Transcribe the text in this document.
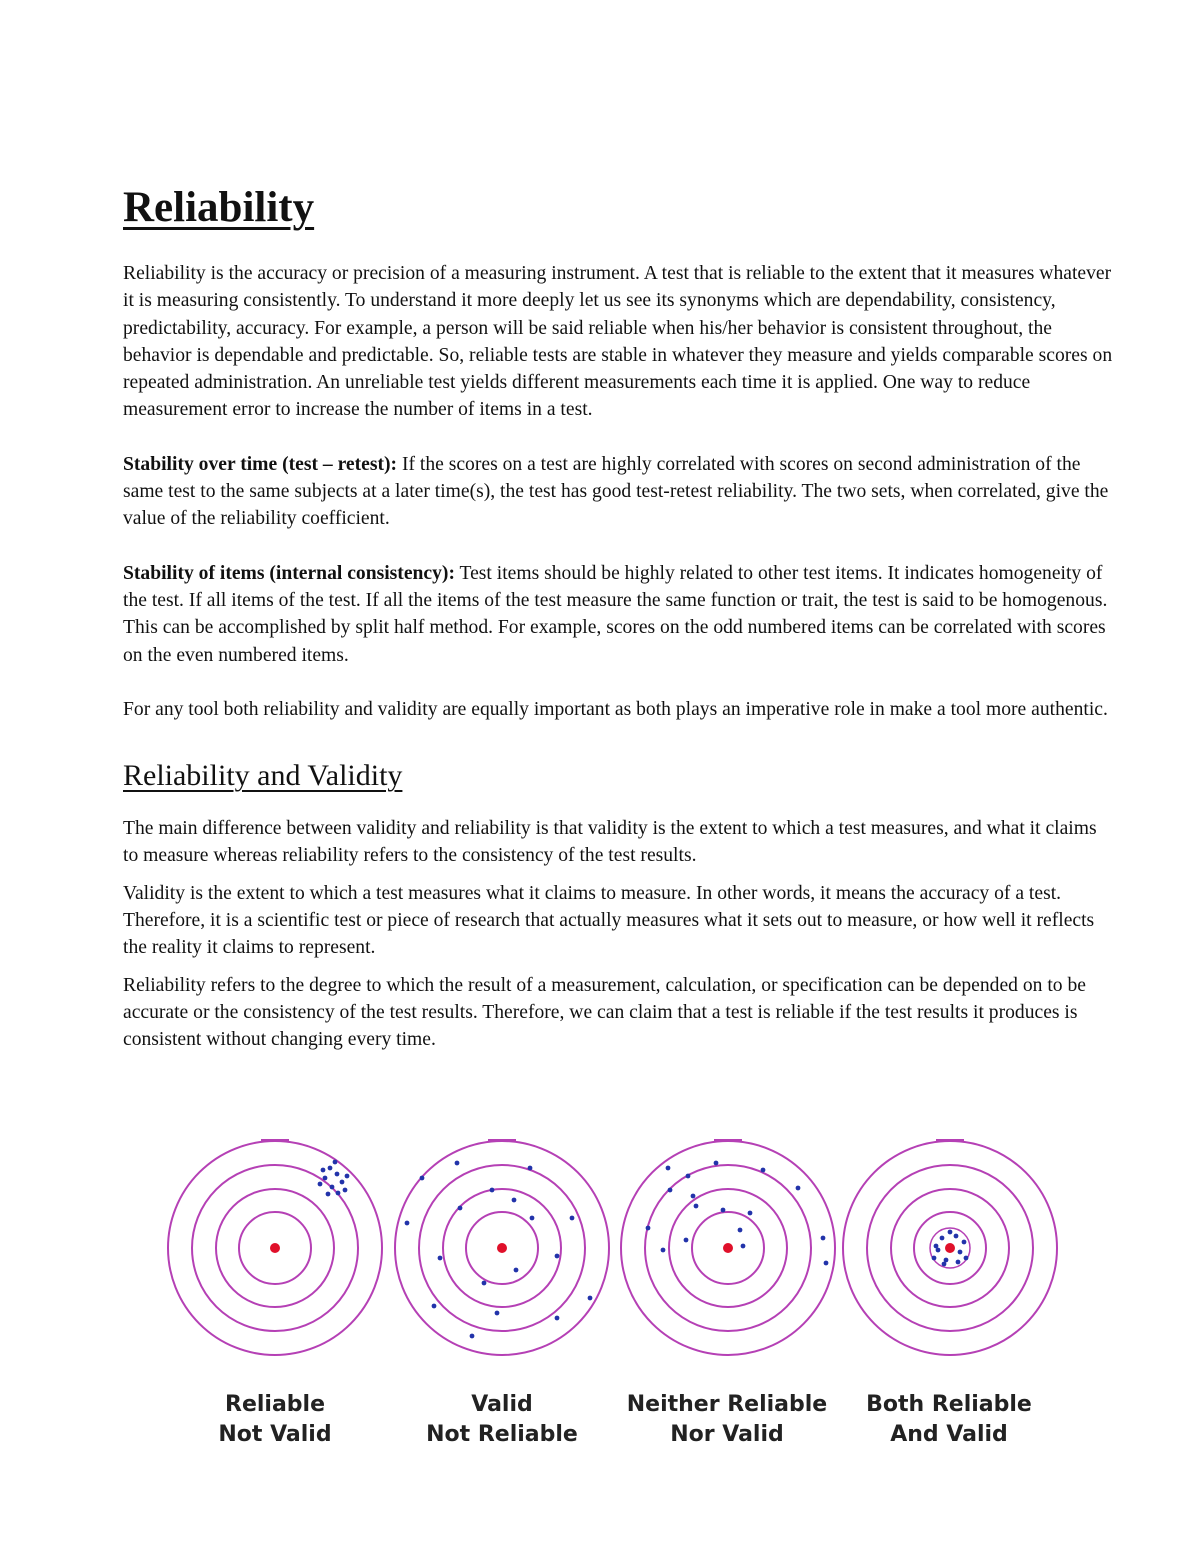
Reliability

Reliability is the accuracy or precision of a measuring instrument. A test that is reliable to the extent that it measures whatever it is measuring consistently. To understand it more deeply let us see its synonyms which are dependability, consistency, predictability, accuracy. For example, a person will be said reliable when his/her behavior is consistent throughout, the behavior is dependable and predictable. So, reliable tests are stable in whatever they measure and yields comparable scores on repeated administration. An unreliable test yields different measurements each time it is applied. One way to reduce measurement error to increase the number of items in a test.

Stability over time (test – retest): If the scores on a test are highly correlated with scores on second administration of the same test to the same subjects at a later time(s), the test has good test-retest reliability. The two sets, when correlated, give the value of the reliability coefficient.

Stability of items (internal consistency): Test items should be highly related to other test items. It indicates homogeneity of the test. If all items of the test. If all the items of the test measure the same function or trait, the test is said to be homogenous. This can be accomplished by split half method. For example, scores on the odd numbered items can be correlated with scores on the even numbered items.

For any tool both reliability and validity are equally important as both plays an imperative role in make a tool more authentic.

Reliability and Validity

The main difference between validity and reliability is that validity is the extent to which a test measures, and what it claims to measure whereas reliability refers to the consistency of the test results.

Validity is the extent to which a test measures what it claims to measure. In other words, it means the accuracy of a test. Therefore, it is a scientific test or piece of research that actually measures what it sets out to measure, or how well it reflects the reality it claims to represent.

Reliability refers to the degree to which the result of a measurement, calculation, or specification can be depended on to be accurate or the consistency of the test results. Therefore, we can claim that a test is reliable if the test results it produces is consistent without changing every time.

Reliable
Not Valid
Valid
Not Reliable
Neither Reliable
Nor Valid
Both Reliable
And Valid
